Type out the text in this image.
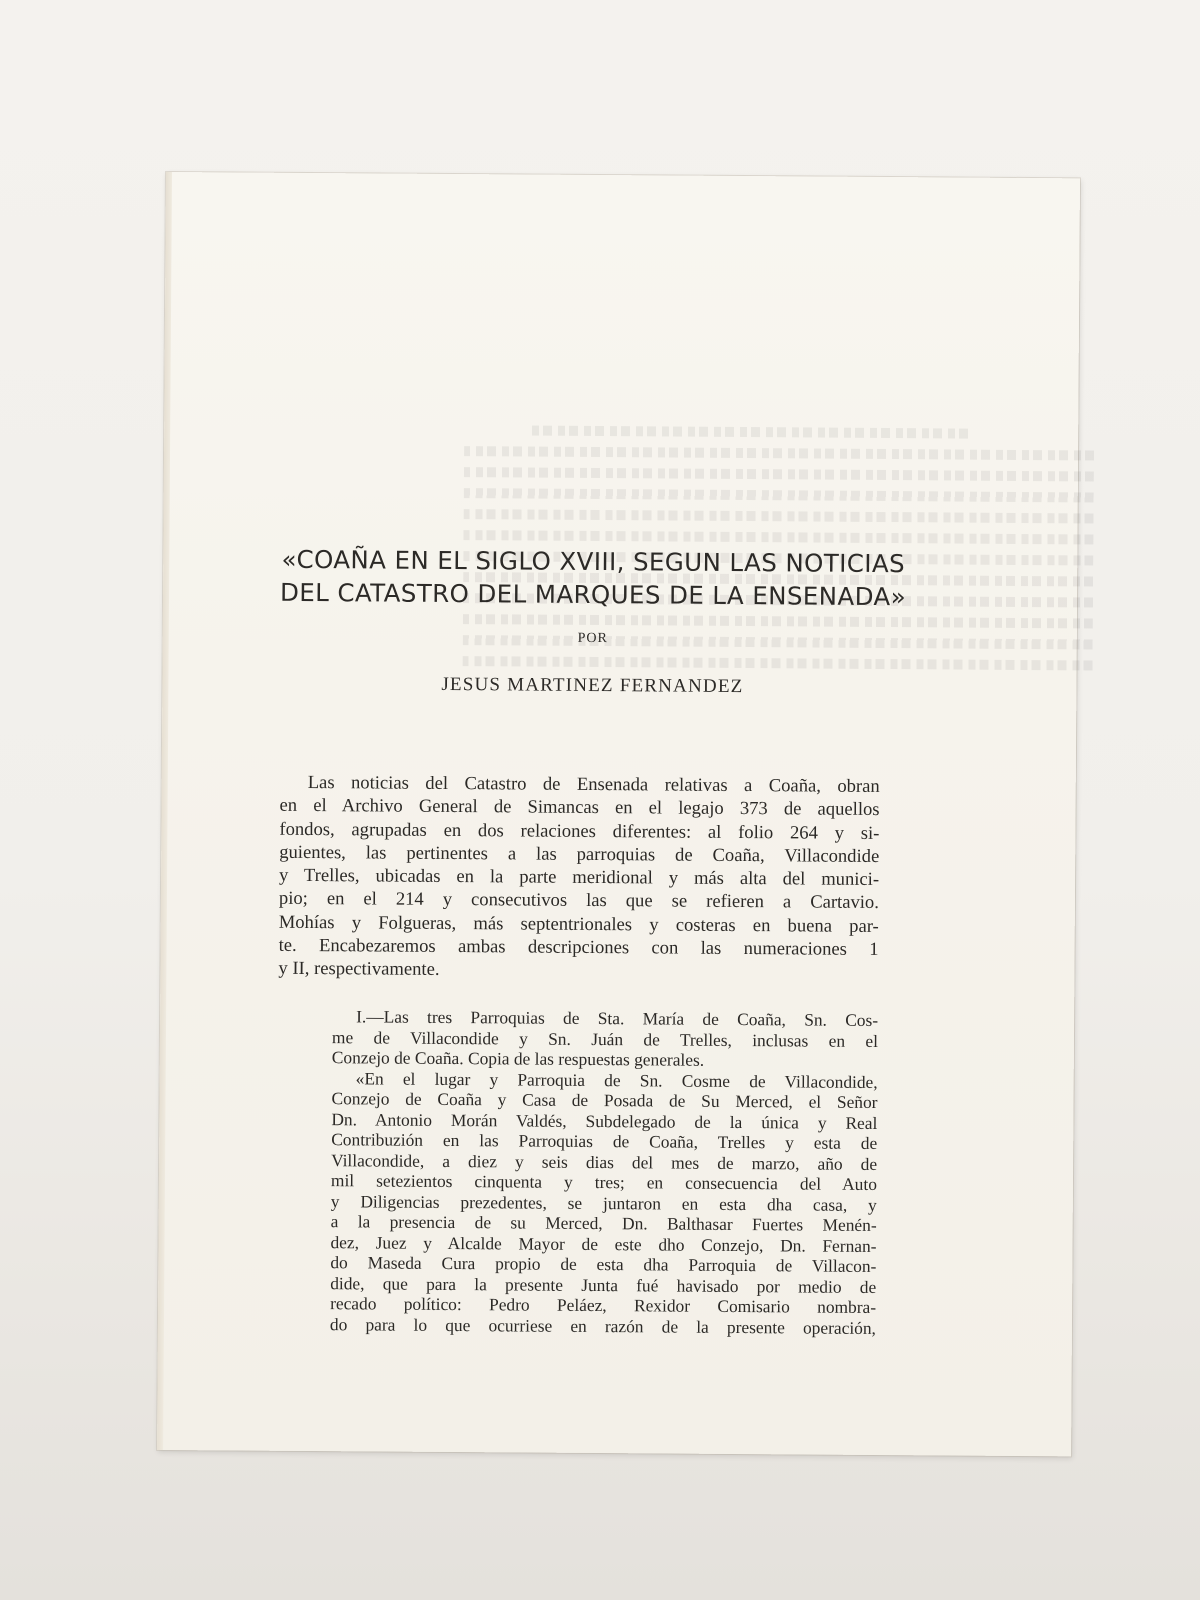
«COAÑA EN EL SIGLO XVIII, SEGUN LAS NOTICIAS
DEL CATASTRO DEL MARQUES DE LA ENSENADA»
POR
JESUS MARTINEZ FERNANDEZ
Las noticias del Catastro de Ensenada relativas a Coaña, obran
en el Archivo General de Simancas en el legajo 373 de aquellos
fondos, agrupadas en dos relaciones diferentes: al folio 264 y si-
guientes, las pertinentes a las parroquias de Coaña, Villacondide
y Trelles, ubicadas en la parte meridional y más alta del munici-
pio; en el 214 y consecutivos las que se refieren a Cartavio.
Mohías y Folgueras, más septentrionales y costeras en buena par-
te. Encabezaremos ambas descripciones con las numeraciones 1
y II, respectivamente.
I.—Las tres Parroquias de Sta. María de Coaña, Sn. Cos-
me de Villacondide y Sn. Juán de Trelles, inclusas en el
Conzejo de Coaña. Copia de las respuestas generales.
«En el lugar y Parroquia de Sn. Cosme de Villacondide,
Conzejo de Coaña y Casa de Posada de Su Merced, el Señor
Dn. Antonio Morán Valdés, Subdelegado de la única y Real
Contribuzión en las Parroquias de Coaña, Trelles y esta de
Villacondide, a diez y seis dias del mes de marzo, año de
mil setezientos cinquenta y tres; en consecuencia del Auto
y Diligencias prezedentes, se juntaron en esta dha casa, y
a la presencia de su Merced, Dn. Balthasar Fuertes Menén-
dez, Juez y Alcalde Mayor de este dho Conzejo, Dn. Fernan-
do Maseda Cura propio de esta dha Parroquia de Villacon-
dide, que para la presente Junta fué havisado por medio de
recado político: Pedro Peláez, Rexidor Comisario nombra-
do para lo que ocurriese en razón de la presente operación,
